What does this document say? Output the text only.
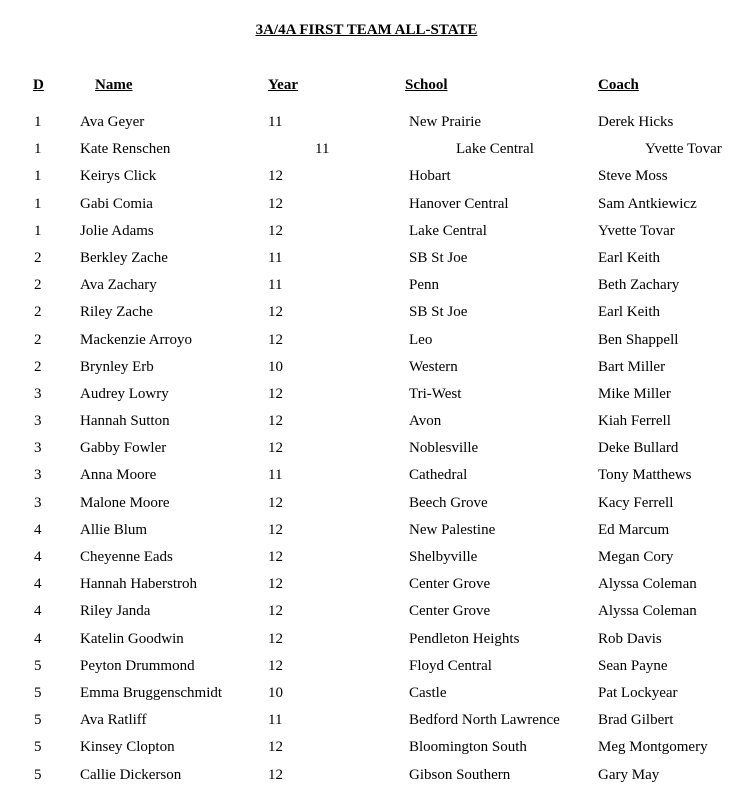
3A/4A FIRST TEAM ALL-STATE
D	Name	Year	School	Coach
1	Ava Geyer	11	New Prairie	Derek Hicks
1	Kate Renschen	11	Lake Central	Yvette Tovar
1	Keirys Click	12	Hobart	Steve Moss
1	Gabi Comia	12	Hanover Central	Sam Antkiewicz
1	Jolie Adams	12	Lake Central	Yvette Tovar
2	Berkley Zache	11	SB St Joe	Earl Keith
2	Ava Zachary	11	Penn	Beth Zachary
2	Riley Zache	12	SB St Joe	Earl Keith
2	Mackenzie Arroyo	12	Leo	Ben Shappell
2	Brynley Erb	10	Western	Bart Miller
3	Audrey Lowry	12	Tri-West	Mike Miller
3	Hannah Sutton	12	Avon	Kiah Ferrell
3	Gabby Fowler	12	Noblesville	Deke Bullard
3	Anna Moore	11	Cathedral	Tony Matthews
3	Malone Moore	12	Beech Grove	Kacy Ferrell
4	Allie Blum	12	New Palestine	Ed Marcum
4	Cheyenne Eads	12	Shelbyville	Megan Cory
4	Hannah Haberstroh	12	Center Grove	Alyssa Coleman
4	Riley Janda	12	Center Grove	Alyssa Coleman
4	Katelin Goodwin	12	Pendleton Heights	Rob Davis
5	Peyton Drummond	12	Floyd Central	Sean Payne
5	Emma Bruggenschmidt	10	Castle	Pat Lockyear
5	Ava Ratliff	11	Bedford North Lawrence	Brad Gilbert
5	Kinsey Clopton	12	Bloomington South	Meg Montgomery
5	Callie Dickerson	12	Gibson Southern	Gary May
